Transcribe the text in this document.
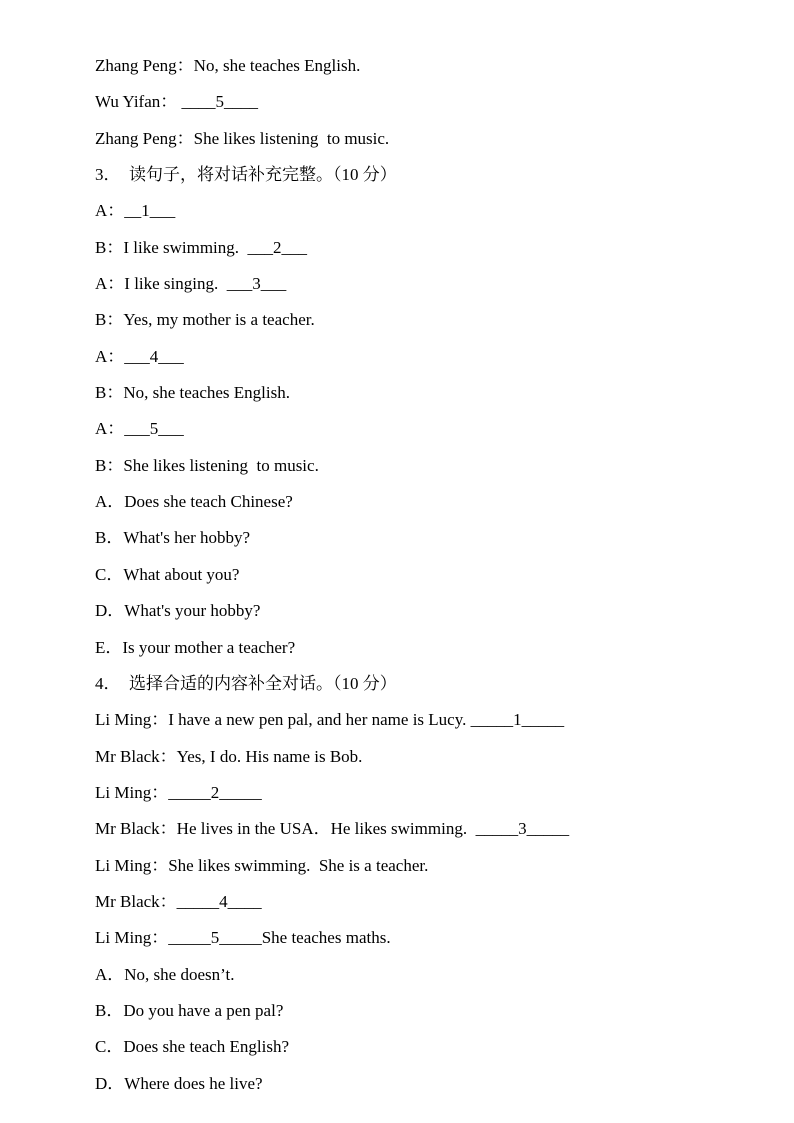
Zhang Peng：No, she teaches English.
Wu Yifan： ____5____
Zhang Peng：She likes listening  to music.
3．  读句子，将对话补充完整。（10 分）
A：__1___
B：I like swimming.  ___2___
A：I like singing.  ___3___
B：Yes, my mother is a teacher.
A：___4___
B：No, she teaches English.
A：___5___
B：She likes listening  to music.
A．Does she teach Chinese?
B．What's her hobby?
C．What about you?
D．What's your hobby?
E．Is your mother a teacher?
4．  选择合适的内容补全对话。（10 分）
Li Ming：I have a new pen pal, and her name is Lucy. _____1_____
Mr Black：Yes, I do. His name is Bob.
Li Ming：_____2_____
Mr Black：He lives in the USA．He likes swimming.  _____3_____
Li Ming：She likes swimming.  She is a teacher.
Mr Black：_____4____
Li Ming：_____5_____She teaches maths.
A．No, she doesn’t.
B．Do you have a pen pal?
C．Does she teach English?
D．Where does he live?
